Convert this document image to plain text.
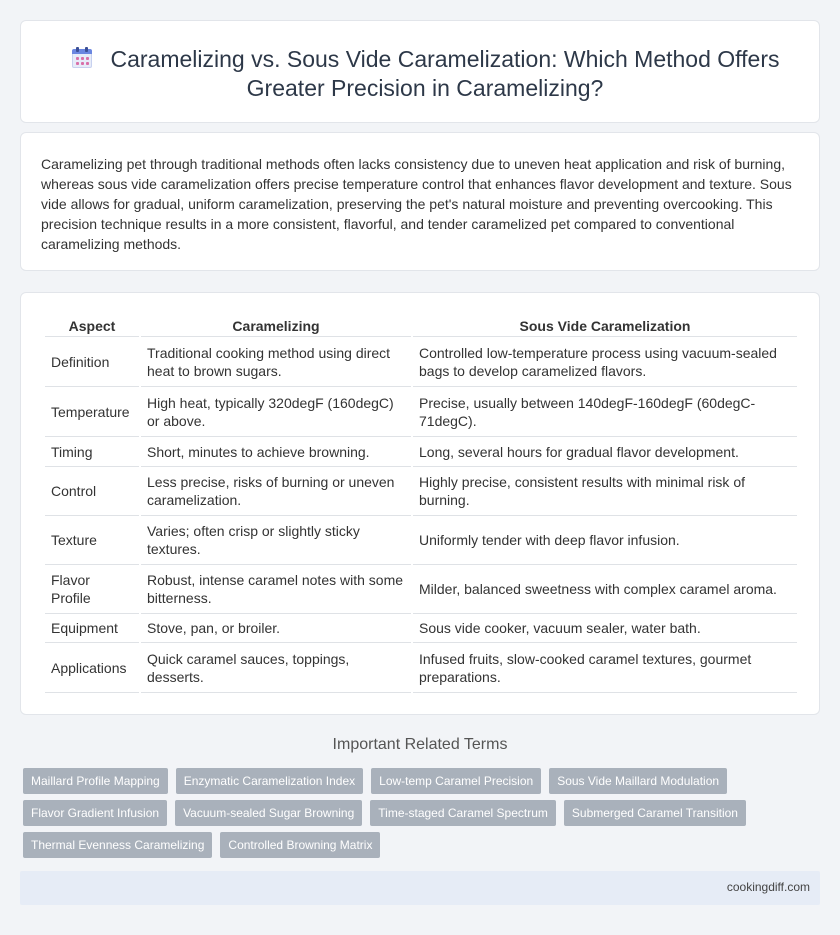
Caramelizing vs. Sous Vide Caramelization: Which Method Offers Greater Precision in Caramelizing?

Caramelizing pet through traditional methods often lacks consistency due to uneven heat application and risk of burning, whereas sous vide caramelization offers precise temperature control that enhances flavor development and texture. Sous vide allows for gradual, uniform caramelization, preserving the pet's natural moisture and preventing overcooking. This precision technique results in a more consistent, flavorful, and tender caramelized pet compared to conventional caramelizing methods.

Aspect	Caramelizing	Sous Vide Caramelization
Definition	Traditional cooking method using direct heat to brown sugars.	Controlled low-temperature process using vacuum-sealed bags to develop caramelized flavors.
Temperature	High heat, typically 320degF (160degC) or above.	Precise, usually between 140degF-160degF (60degC-71degC).
Timing	Short, minutes to achieve browning.	Long, several hours for gradual flavor development.
Control	Less precise, risks of burning or uneven caramelization.	Highly precise, consistent results with minimal risk of burning.
Texture	Varies; often crisp or slightly sticky textures.	Uniformly tender with deep flavor infusion.
Flavor Profile	Robust, intense caramel notes with some bitterness.	Milder, balanced sweetness with complex caramel aroma.
Equipment	Stove, pan, or broiler.	Sous vide cooker, vacuum sealer, water bath.
Applications	Quick caramel sauces, toppings, desserts.	Infused fruits, slow-cooked caramel textures, gourmet preparations.
Important Related Terms
Maillard Profile Mapping	Enzymatic Caramelization Index	Low-temp Caramel Precision	Sous Vide Maillard Modulation
Flavor Gradient Infusion	Vacuum-sealed Sugar Browning	Time-staged Caramel Spectrum	Submerged Caramel Transition
Thermal Evenness Caramelizing	Controlled Browning Matrix
cookingdiff.com
